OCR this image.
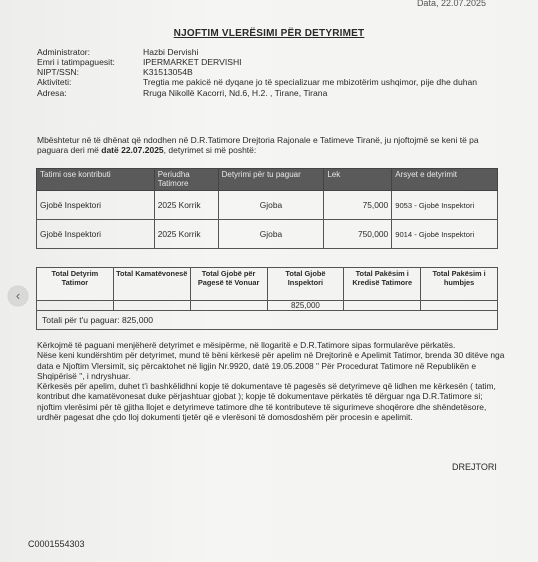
Data, 22.07.2025
NJOFTIM VLERËSIMI PËR DETYRIMET
Administrator:	Hazbi Dervishi
Emri i tatimpaguesit:	IPERMARKET DERVISHI
NIPT/SSN:	K31513054B
Aktiviteti:	Tregtia me pakicë në dyqane jo të specializuar me mbizotërim ushqimor, pije dhe duhan
Adresa:	Rruga Nikollë Kacorri, Nd.6, H.2. , Tirane, Tirana
Mbështetur në të dhënat që ndodhen në D.R.Tatimore Drejtoria Rajonale e Tatimeve Tiranë, ju njoftojmë se keni të pa paguara deri më datë 22.07.2025, detyrimet si më poshtë:
Tatimi ose kontributi	Periudha Tatimore	Detyrimi për tu paguar	Lek	Arsyet e detyrimit
Gjobë Inspektori	2025 Korrik	Gjoba	75,000	9053 - Gjobë Inspektori
Gjobë Inspektori	2025 Korrik	Gjoba	750,000	9014 - Gjobë Inspektori
Total Detyrim Tatimor	Total Kamatëvonesë	Total Gjobë për Pagesë të Vonuar	Total Gjobë Inspektori	Total Pakësim i Kredisë Tatimore	Total Pakësim i humbjes
			825,000		
Totali për t'u paguar: 825,000					

Kërkojmë të paguani menjëherë detyrimet e mësipërme, në llogaritë e D.R.Tatimore sipas formularëve përkatës.

Nëse keni kundërshtim për detyrimet, mund të bëni kërkesë për apelim në Drejtorinë e Apelimit Tatimor, brenda 30 ditëve nga data e Njoftim Vlersimit, siç përcaktohet në ligjin Nr.9920, datë 19.05.2008 " Për Procedurat Tatimore në Republikën e Shqipërisë ", i ndryshuar.

Kërkesës për apelim, duhet t'i bashkëlidhni kopje të dokumentave të pagesës së detyrimeve që lidhen me kërkesën ( tatim, kontribut dhe kamatëvonesat duke përjashtuar gjobat ); kopje të dokumentave përkatës të dërguar nga D.R.Tatimore si; njoftim vlerësimi për të gjitha llojet e detyrimeve tatimore dhe të kontributeve të sigurimeve shoqërore dhe shëndetësore, urdhër pagesat dhe çdo lloj dokumenti tjetër që e vlerësoni të domosdoshëm për procesin e apelimit.

DREJTORI
C0001554303
‹
